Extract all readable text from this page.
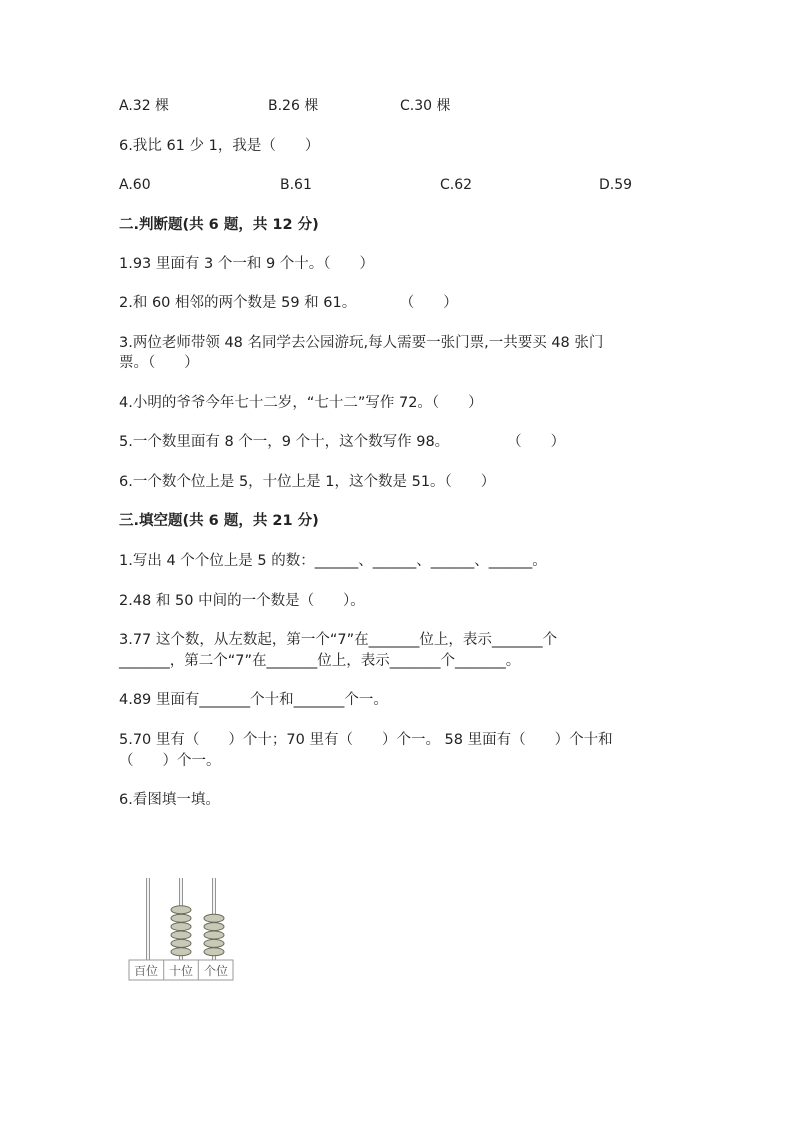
A.32 棵	B.26 棵	C.30 棵
6.我比 61 少 1，我是（　　）
A.60	B.61	C.62	D.59
二.判断题(共 6 题，共 12 分)
1.93 里面有 3 个一和 9 个十。（　　）
2.和 60 相邻的两个数是 59 和 61。　　　　（　　）
3.两位老师带领 48 名同学去公园游玩,每人需要一张门票,一共要买 48 张门
票。（　　）
4.小明的爷爷今年七十二岁，“七十二”写作 72。（　　）
5.一个数里面有 8 个一，9 个十，这个数写作 98。　　　　　（　　）
6.一个数个位上是 5，十位上是 1，这个数是 51。（　　）
三.填空题(共 6 题，共 21 分)
1.写出 4 个个位上是 5 的数：______、______、______、______。
2.48 和 50 中间的一个数是（　　）。
3.77 这个数，从左数起，第一个“7”在_______位上，表示_______个
_______，第二个“7”在_______位上，表示_______个_______。
4.89 里面有_______个十和_______个一。
5.70 里有（　　）个十；70 里有（　　）个一。 58 里面有（　　）个十和
（　　）个一。
6.看图填一填。
百位 十位 个位
